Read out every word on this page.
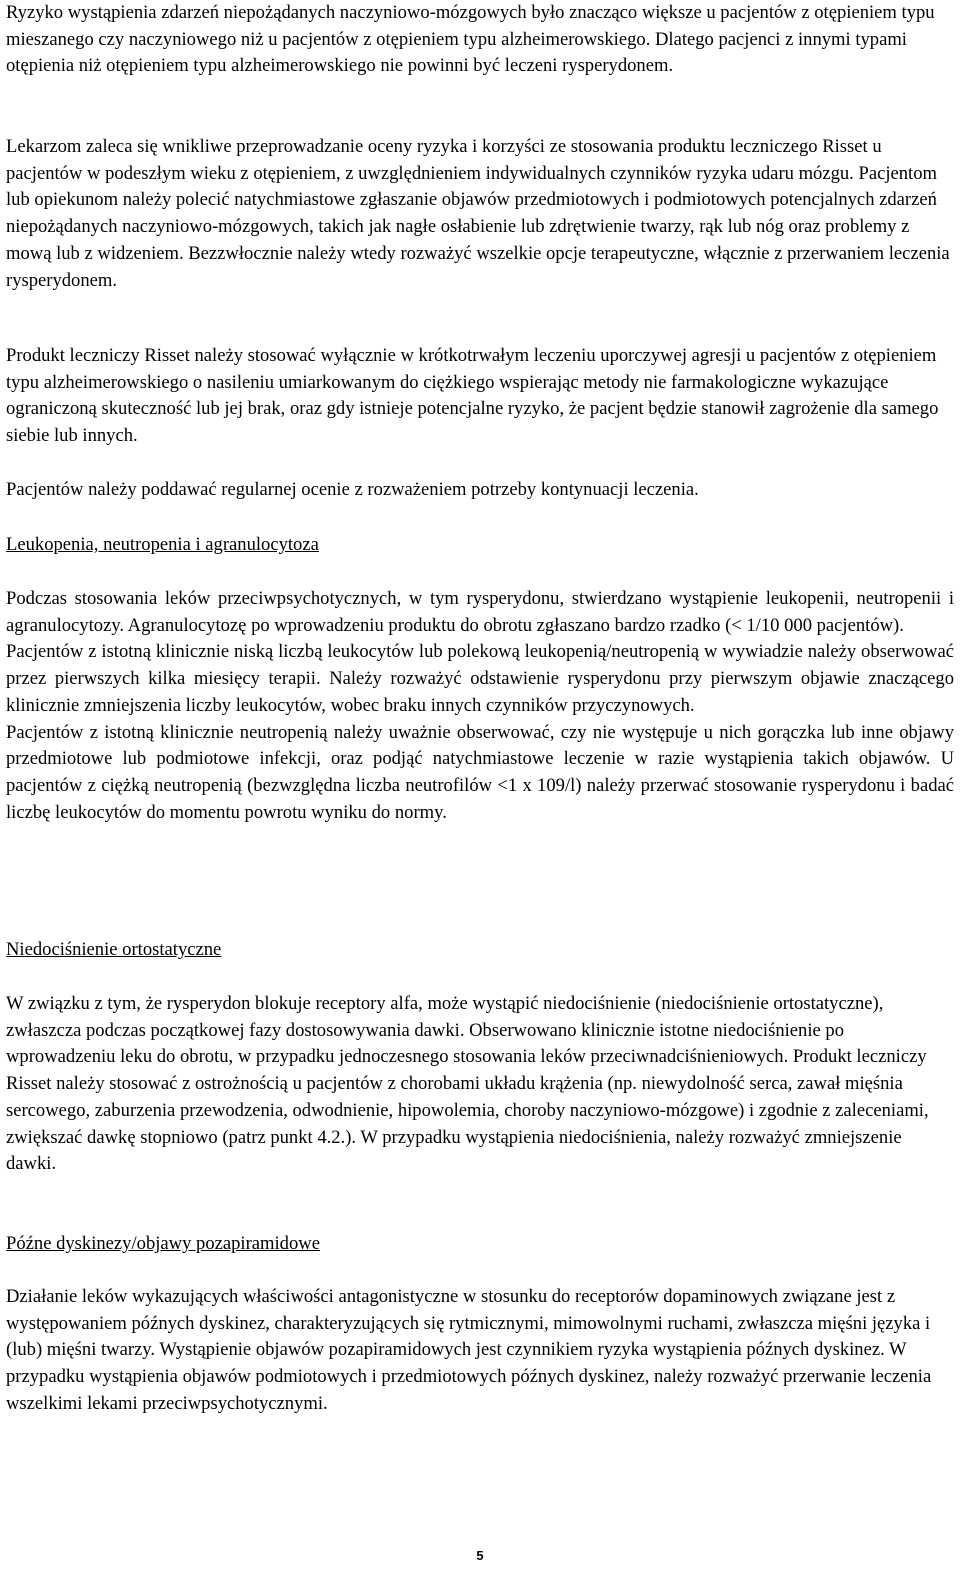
Ryzyko wystąpienia zdarzeń niepożądanych naczyniowo-mózgowych było znacząco większe u pacjentów z otępieniem typu mieszanego czy naczyniowego niż u pacjentów z otępieniem typu alzheimerowskiego. Dlatego pacjenci z innymi typami otępienia niż otępieniem typu alzheimerowskiego nie powinni być leczeni rysperydonem.

Lekarzom zaleca się wnikliwe przeprowadzanie oceny ryzyka i korzyści ze stosowania produktu leczniczego Risset u pacjentów w podeszłym wieku z otępieniem, z uwzględnieniem indywidualnych czynników ryzyka udaru mózgu. Pacjentom lub opiekunom należy polecić natychmiastowe zgłaszanie objawów przedmiotowych i podmiotowych potencjalnych zdarzeń niepożądanych naczyniowo-mózgowych, takich jak nagłe osłabienie lub zdrętwienie twarzy, rąk lub nóg oraz problemy z mową lub z widzeniem. Bezzwłocznie należy wtedy rozważyć wszelkie opcje terapeutyczne, włącznie z przerwaniem leczenia rysperydonem.

Produkt leczniczy Risset należy stosować wyłącznie w krótkotrwałym leczeniu uporczywej agresji u pacjentów z otępieniem typu alzheimerowskiego o nasileniu umiarkowanym do ciężkiego wspierając metody nie farmakologiczne wykazujące ograniczoną skuteczność lub jej brak, oraz gdy istnieje potencjalne ryzyko, że pacjent będzie stanowił zagrożenie dla samego siebie lub innych.

Pacjentów należy poddawać regularnej ocenie z rozważeniem potrzeby kontynuacji leczenia.

Leukopenia, neutropenia i agranulocytoza

Podczas stosowania leków przeciwpsychotycznych, w tym rysperydonu, stwierdzano wystąpienie leukopenii, neutropenii i agranulocytozy. Agranulocytozę po wprowadzeniu produktu do obrotu zgłaszano bardzo rzadko (< 1/10 000 pacjentów).
Pacjentów z istotną klinicznie niską liczbą leukocytów lub polekową leukopenią/neutropenią w wywiadzie należy obserwować przez pierwszych kilka miesięcy terapii. Należy rozważyć odstawienie rysperydonu przy pierwszym objawie znaczącego klinicznie zmniejszenia liczby leukocytów, wobec braku innych czynników przyczynowych.
Pacjentów z istotną klinicznie neutropenią należy uważnie obserwować, czy nie występuje u nich gorączka lub inne objawy przedmiotowe lub podmiotowe infekcji, oraz podjąć natychmiastowe leczenie w razie wystąpienia takich objawów. U pacjentów z ciężką neutropenią (bezwzględna liczba neutrofilów <1 x 109/l) należy przerwać stosowanie rysperydonu i badać liczbę leukocytów do momentu powrotu wyniku do normy.

Niedociśnienie ortostatyczne

W związku z tym, że rysperydon blokuje receptory alfa, może wystąpić niedociśnienie (niedociśnienie ortostatyczne), zwłaszcza podczas początkowej fazy dostosowywania dawki. Obserwowano klinicznie istotne niedociśnienie po wprowadzeniu leku do obrotu, w przypadku jednoczesnego stosowania leków przeciwnadciśnieniowych. Produkt leczniczy Risset należy stosować z ostrożnością u pacjentów z chorobami układu krążenia (np. niewydolność serca, zawał mięśnia sercowego, zaburzenia przewodzenia, odwodnienie, hipowolemia, choroby naczyniowo-mózgowe) i zgodnie z zaleceniami, zwiększać dawkę stopniowo (patrz punkt 4.2.). W przypadku wystąpienia niedociśnienia, należy rozważyć zmniejszenie dawki.

Późne dyskinezy/objawy pozapiramidowe

Działanie leków wykazujących właściwości antagonistyczne w stosunku do receptorów dopaminowych związane jest z występowaniem późnych dyskinez, charakteryzujących się rytmicznymi, mimowolnymi ruchami, zwłaszcza mięśni języka i (lub) mięśni twarzy. Wystąpienie objawów pozapiramidowych jest czynnikiem ryzyka wystąpienia późnych dyskinez. W przypadku wystąpienia objawów podmiotowych i przedmiotowych późnych dyskinez, należy rozważyć przerwanie leczenia wszelkimi lekami przeciwpsychotycznymi.

5
